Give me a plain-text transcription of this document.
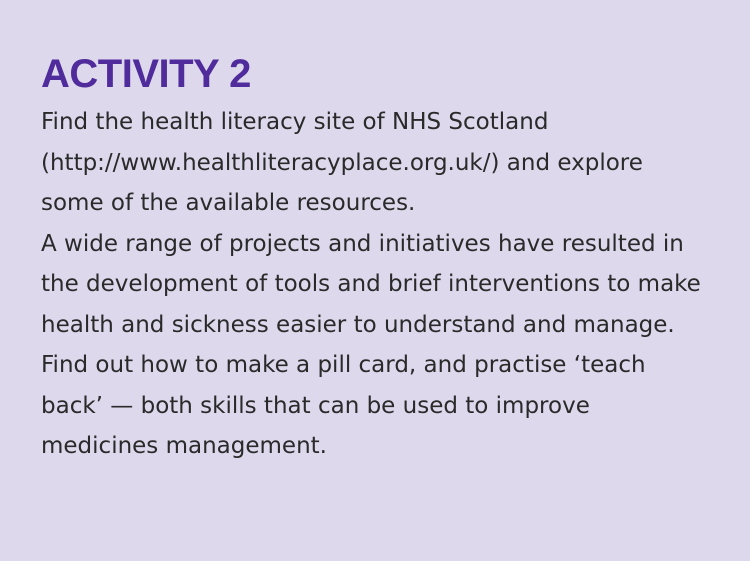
ACTIVITY 2

Find the health literacy site of NHS Scotland (http://www.healthliteracyplace.org.uk/) and explore some of the available resources.

A wide range of projects and initiatives have resulted in the development of tools and brief interventions to make health and sickness easier to understand and manage.

Find out how to make a pill card, and practise ‘teach back’ — both skills that can be used to improve medicines management.
